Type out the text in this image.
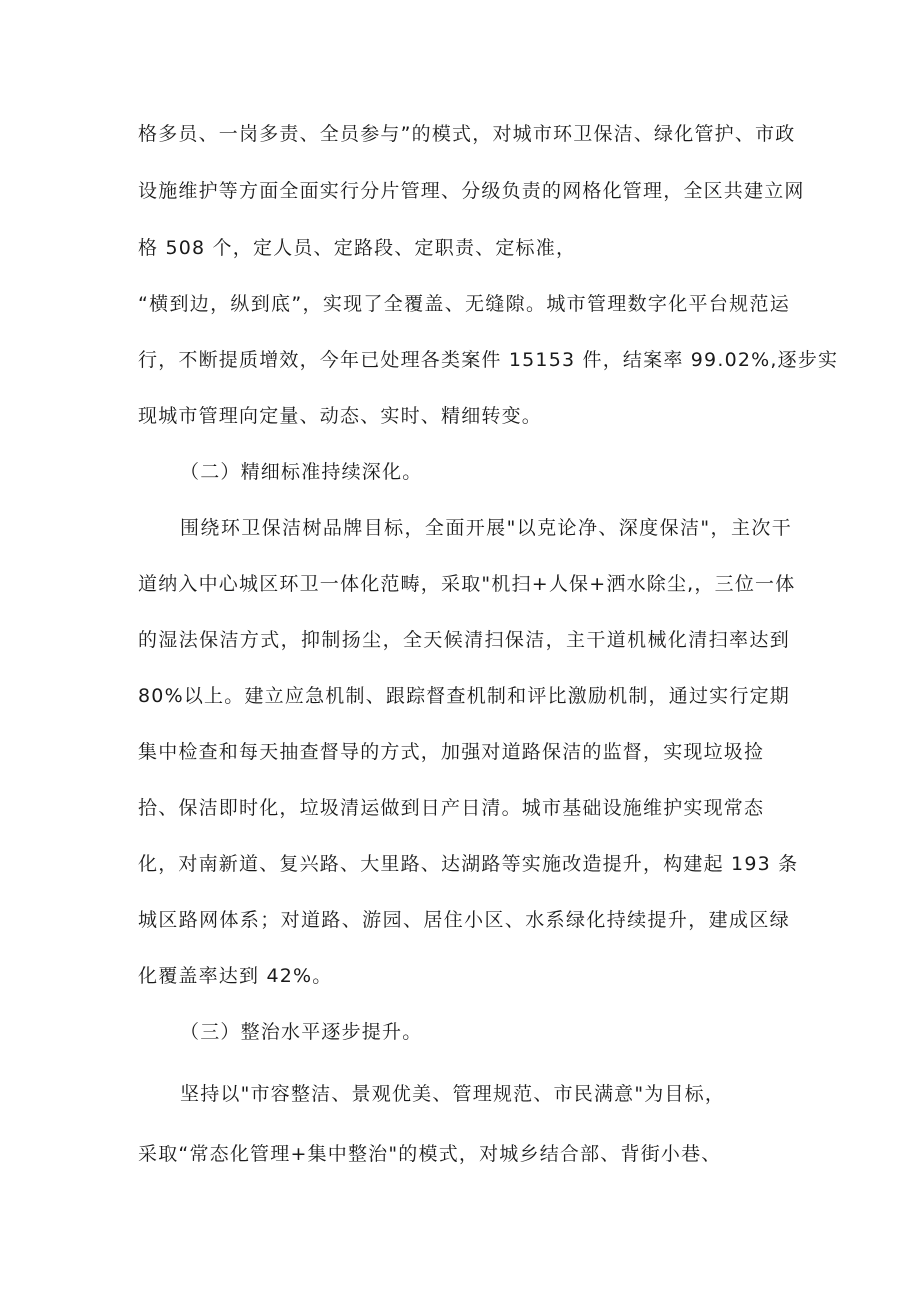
格多员、一岗多责、全员参与”的模式，对城市环卫保洁、绿化管护、市政
设施维护等方面全面实行分片管理、分级负责的网格化管理，全区共建立网
格 508 个，定人员、定路段、定职责、定标准，
“横到边，纵到底”，实现了全覆盖、无缝隙。城市管理数字化平台规范运
行，不断提质增效，今年已处理各类案件 15153 件，结案率 99.02%,逐步实
现城市管理向定量、动态、实时、精细转变。
（二）精细标准持续深化。
围绕环卫保洁树品牌目标，全面开展"以克论净、深度保洁"，主次干
道纳入中心城区环卫一体化范畴，采取"机扫+人保+洒水除尘,，三位一体
的湿法保洁方式，抑制扬尘，全天候清扫保洁，主干道机械化清扫率达到
80%以上。建立应急机制、跟踪督查机制和评比激励机制，通过实行定期
集中检查和每天抽查督导的方式，加强对道路保洁的监督，实现垃圾捡
拾、保洁即时化，垃圾清运做到日产日清。城市基础设施维护实现常态
化，对南新道、复兴路、大里路、达湖路等实施改造提升，构建起 193 条
城区路网体系；对道路、游园、居住小区、水系绿化持续提升，建成区绿
化覆盖率达到 42%。
（三）整治水平逐步提升。
坚持以"市容整洁、景观优美、管理规范、市民满意"为目标，
采取“常态化管理+集中整治"的模式，对城乡结合部、背街小巷、
